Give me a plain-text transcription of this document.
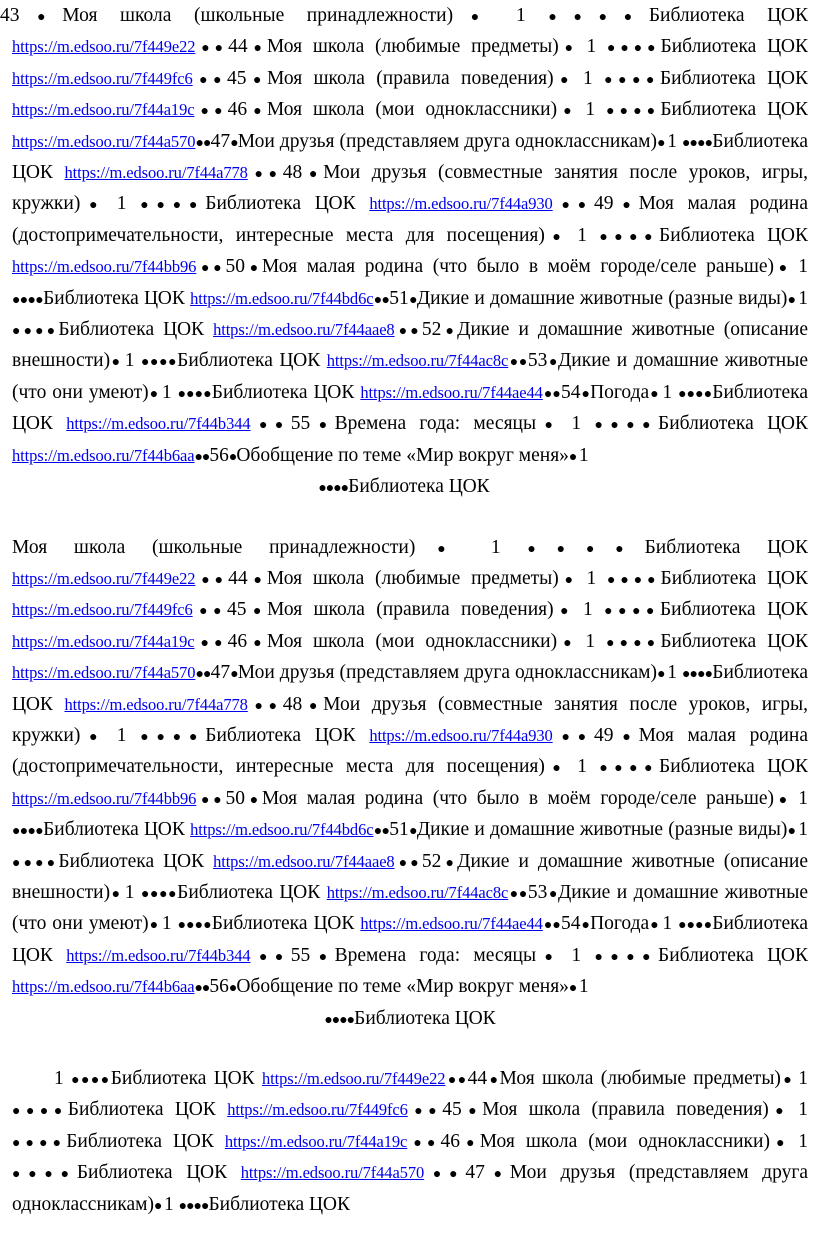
43●Моя школа (школьные принадлежности)● 1 ●●●●Библиотека ЦОК https://m.edsoo.ru/7f449e22●●44●Моя школа (любимые предметы)● 1 ●●●●Библиотека ЦОК https://m.edsoo.ru/7f449fc6●●45●Моя школа (правила поведения)● 1 ●●●●Библиотека ЦОК https://m.edsoo.ru/7f44a19c●●46●Моя школа (мои одноклассники)● 1 ●●●●Библиотека ЦОК https://m.edsoo.ru/7f44a570●●47●Мои друзья (представляем друга одноклассникам)● 1 ●●●●Библиотека ЦОК https://m.edsoo.ru/7f44a778●●48●Мои друзья (совместные занятия после уроков, игры, кружки)● 1 ●●●●Библиотека ЦОК https://m.edsoo.ru/7f44a930●●49●Моя малая родина (достопримечательности, интересные места для посещения)● 1 ●●●●Библиотека ЦОК https://m.edsoo.ru/7f44bb96●●50●Моя малая родина (что было в моём городе/селе раньше)● 1 ●●●●Библиотека ЦОК https://m.edsoo.ru/7f44bd6c●●51●Дикие и домашние животные (разные виды)● 1 ●●●●Библиотека ЦОК https://m.edsoo.ru/7f44aae8●●52●Дикие и домашние животные (описание внешности)● 1 ●●●●Библиотека ЦОК https://m.edsoo.ru/7f44ac8c●●53●Дикие и домашние животные (что они умеют)● 1 ●●●●Библиотека ЦОК https://m.edsoo.ru/7f44ae44●●54●Погода● 1 ●●●●Библиотека ЦОК https://m.edsoo.ru/7f44b344●●55●Времена года: месяцы● 1 ●●●●Библиотека ЦОК https://m.edsoo.ru/7f44b6aa●●56●Обобщение по теме «Мир вокруг меня»● 1
●●●●Библиотека ЦОК

Моя школа (школьные принадлежности)● 1 ●●●●Библиотека ЦОК https://m.edsoo.ru/7f449e22●●44●Моя школа (любимые предметы)● 1 ●●●●Библиотека ЦОК https://m.edsoo.ru/7f449fc6●●45●Моя школа (правила поведения)● 1 ●●●●Библиотека ЦОК https://m.edsoo.ru/7f44a19c●●46●Моя школа (мои одноклассники)● 1 ●●●●Библиотека ЦОК https://m.edsoo.ru/7f44a570●●47●Мои друзья (представляем друга одноклассникам)● 1 ●●●●Библиотека ЦОК https://m.edsoo.ru/7f44a778●●48●Мои друзья (совместные занятия после уроков, игры, кружки)● 1 ●●●●Библиотека ЦОК https://m.edsoo.ru/7f44a930●●49●Моя малая родина (достопримечательности, интересные места для посещения)● 1 ●●●●Библиотека ЦОК https://m.edsoo.ru/7f44bb96●●50●Моя малая родина (что было в моём городе/селе раньше)● 1 ●●●●Библиотека ЦОК https://m.edsoo.ru/7f44bd6c●●51●Дикие и домашние животные (разные виды)● 1 ●●●●Библиотека ЦОК https://m.edsoo.ru/7f44aae8●●52●Дикие и домашние животные (описание внешности)● 1 ●●●●Библиотека ЦОК https://m.edsoo.ru/7f44ac8c●●53●Дикие и домашние животные (что они умеют)● 1 ●●●●Библиотека ЦОК https://m.edsoo.ru/7f44ae44●●54●Погода● 1 ●●●●Библиотека ЦОК https://m.edsoo.ru/7f44b344●●55●Времена года: месяцы● 1 ●●●●Библиотека ЦОК https://m.edsoo.ru/7f44b6aa●●56●Обобщение по теме «Мир вокруг меня»● 1
●●●●Библиотека ЦОК

1 ●●●●Библиотека ЦОК https://m.edsoo.ru/7f449e22●●44●Моя школа (любимые предметы)● 1 ●●●●Библиотека ЦОК https://m.edsoo.ru/7f449fc6●●45●Моя школа (правила поведения)● 1 ●●●●Библиотека ЦОК https://m.edsoo.ru/7f44a19c●●46●Моя школа (мои одноклассники)● 1 ●●●●Библиотека ЦОК https://m.edsoo.ru/7f44a570●●47●Мои друзья (представляем друга одноклассникам)● 1 ●●●●Библиотека ЦОК
